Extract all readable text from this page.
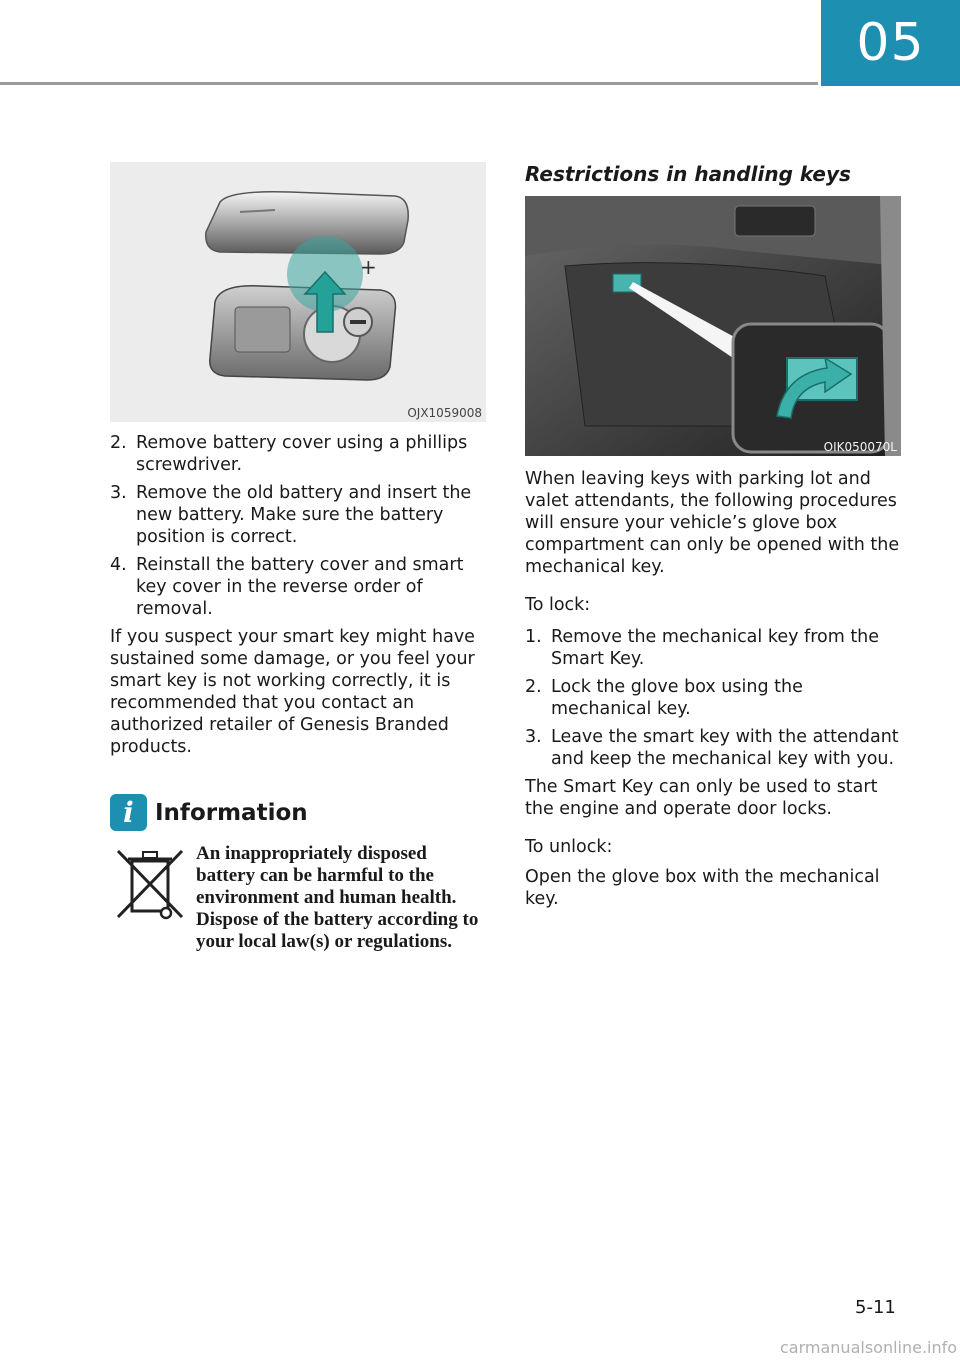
05
+
OJX1059008
2. Remove battery cover using a phillips screwdriver.
3. Remove the old battery and insert the new battery. Make sure the battery position is correct.
4. Reinstall the battery cover and smart key cover in the reverse order of removal.

If you suspect your smart key might have sustained some damage, or you feel your smart key is not working correctly, it is recommended that you contact an authorized retailer of Genesis Branded products.

i Information

An inappropriately disposed battery can be harmful to the environment and human health. Dispose of the battery according to your local law(s) or regulations.

Restrictions in handling keys
OIK050070L

When leaving keys with parking lot and valet attendants, the following procedures will ensure your vehicle’s glove box compartment can only be opened with the mechanical key.

To lock:

1. Remove the mechanical key from the Smart Key.
2. Lock the glove box using the mechanical key.
3. Leave the smart key with the attendant and keep the mechanical key with you.

The Smart Key can only be used to start the engine and operate door locks.

To unlock:

Open the glove box with the mechanical key.

5-11
carmanualsonline.info
